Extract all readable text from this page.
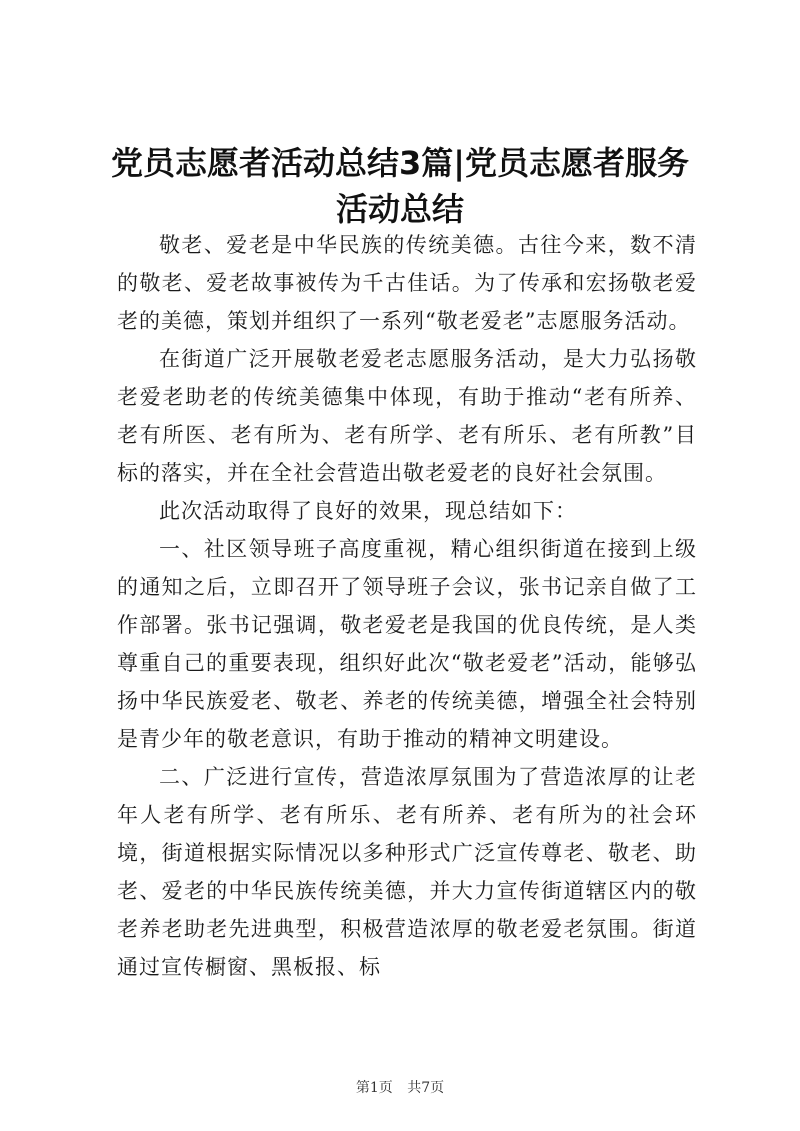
党员志愿者活动总结3篇|党员志愿者服务活动总结

敬老、爱老是中华民族的传统美德。古往今来，数不清的敬老、爱老故事被传为千古佳话。为了传承和宏扬敬老爱老的美德，策划并组织了一系列“敬老爱老”志愿服务活动。

在街道广泛开展敬老爱老志愿服务活动，是大力弘扬敬老爱老助老的传统美德集中体现，有助于推动“老有所养、老有所医、老有所为、老有所学、老有所乐、老有所教”目标的落实，并在全社会营造出敬老爱老的良好社会氛围。

此次活动取得了良好的效果，现总结如下：

一、社区领导班子高度重视，精心组织街道在接到上级的通知之后，立即召开了领导班子会议，张书记亲自做了工作部署。张书记强调，敬老爱老是我国的优良传统，是人类尊重自己的重要表现，组织好此次“敬老爱老”活动，能够弘扬中华民族爱老、敬老、养老的传统美德，增强全社会特别是青少年的敬老意识，有助于推动的精神文明建设。

二、广泛进行宣传，营造浓厚氛围为了营造浓厚的让老年人老有所学、老有所乐、老有所养、老有所为的社会环境，街道根据实际情况以多种形式广泛宣传尊老、敬老、助老、爱老的中华民族传统美德，并大力宣传街道辖区内的敬老养老助老先进典型，积极营造浓厚的敬老爱老氛围。街道通过宣传橱窗、黑板报、标

第1页 共7页
